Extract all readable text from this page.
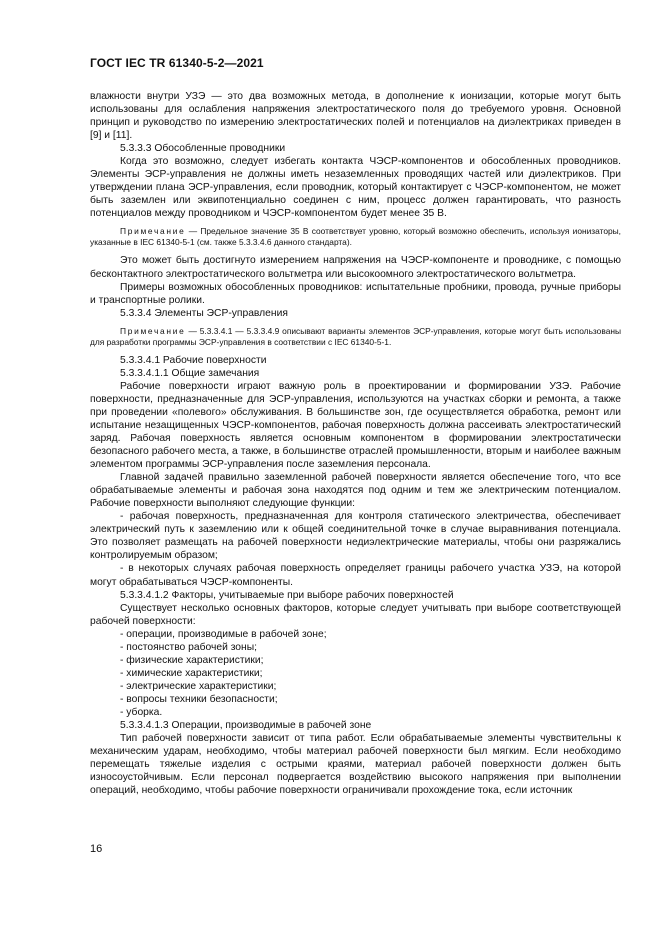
ГОСТ IEC TR 61340-5-2—2021

влажности внутри УЗЭ — это два возможных метода, в дополнение к ионизации, которые могут быть использованы для ослабления напряжения электростатического поля до требуемого уровня. Основной принцип и руководство по измерению электростатических полей и потенциалов на диэлектриках приведен в [9] и [11].

5.3.3.3 Обособленные проводники

Когда это возможно, следует избегать контакта ЧЭСР-компонентов и обособленных проводников. Элементы ЭСР-управления не должны иметь незаземленных проводящих частей или диэлектриков. При утверждении плана ЭСР-управления, если проводник, который контактирует с ЧЭСР-компонентом, не может быть заземлен или эквипотенциально соединен с ним, процесс должен гарантировать, что разность потенциалов между проводником и ЧЭСР-компонентом будет менее 35 В.

Примечание — Предельное значение 35 В соответствует уровню, который возможно обеспечить, используя ионизаторы, указанные в IEC 61340-5-1 (см. также 5.3.3.4.6 данного стандарта).

Это может быть достигнуто измерением напряжения на ЧЭСР-компоненте и проводнике, с помощью бесконтактного электростатического вольтметра или высокоомного электростатического вольтметра.

Примеры возможных обособленных проводников: испытательные пробники, провода, ручные приборы и транспортные ролики.

5.3.3.4 Элементы ЭСР-управления

Примечание — 5.3.3.4.1 — 5.3.3.4.9 описывают варианты элементов ЭСР-управления, которые могут быть использованы для разработки программы ЭСР-управления в соответствии с IEC 61340-5-1.

5.3.3.4.1 Рабочие поверхности

5.3.3.4.1.1 Общие замечания

Рабочие поверхности играют важную роль в проектировании и формировании УЗЭ. Рабочие поверхности, предназначенные для ЭСР-управления, используются на участках сборки и ремонта, а также при проведении «полевого» обслуживания. В большинстве зон, где осуществляется обработка, ремонт или испытание незащищенных ЧЭСР-компонентов, рабочая поверхность должна рассеивать электростатический заряд. Рабочая поверхность является основным компонентом в формировании электростатически безопасного рабочего места, а также, в большинстве отраслей промышленности, вторым и наиболее важным элементом программы ЭСР-управления после заземления персонала.

Главной задачей правильно заземленной рабочей поверхности является обеспечение того, что все обрабатываемые элементы и рабочая зона находятся под одним и тем же электрическим потенциалом. Рабочие поверхности выполняют следующие функции:

- рабочая поверхность, предназначенная для контроля статического электричества, обеспечивает электрический путь к заземлению или к общей соединительной точке в случае выравнивания потенциала. Это позволяет размещать на рабочей поверхности недиэлектрические материалы, чтобы они разряжались контролируемым образом;

- в некоторых случаях рабочая поверхность определяет границы рабочего участка УЗЭ, на которой могут обрабатываться ЧЭСР-компоненты.

5.3.3.4.1.2 Факторы, учитываемые при выборе рабочих поверхностей

Существует несколько основных факторов, которые следует учитывать при выборе соответствующей рабочей поверхности:

- операции, производимые в рабочей зоне;

- постоянство рабочей зоны;

- физические характеристики;

- химические характеристики;

- электрические характеристики;

- вопросы техники безопасности;

- уборка.

5.3.3.4.1.3 Операции, производимые в рабочей зоне

Тип рабочей поверхности зависит от типа работ. Если обрабатываемые элементы чувствительны к механическим ударам, необходимо, чтобы материал рабочей поверхности был мягким. Если необходимо перемещать тяжелые изделия с острыми краями, материал рабочей поверхности должен быть износоустойчивым. Если персонал подвергается воздействию высокого напряжения при выполнении операций, необходимо, чтобы рабочие поверхности ограничивали прохождение тока, если источник

16
